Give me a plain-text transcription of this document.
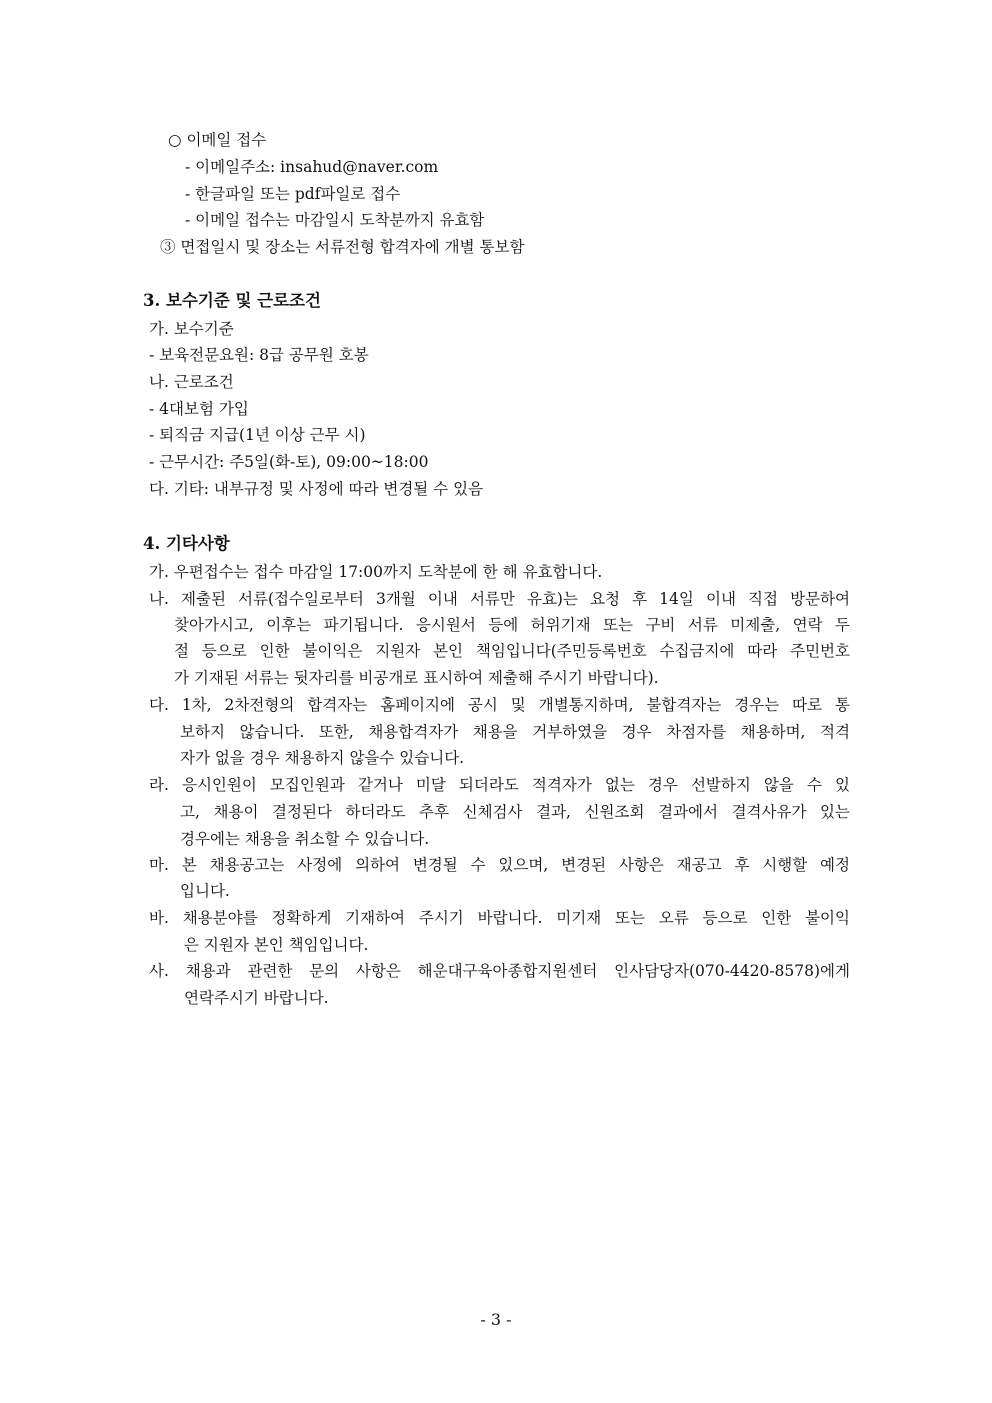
○ 이메일 접수
- 이메일주소: insahud@naver.com
- 한글파일 또는 pdf파일로 접수
- 이메일 접수는 마감일시 도착분까지 유효함
③ 면접일시 및 장소는 서류전형 합격자에 개별 통보함
3. 보수기준 및 근로조건
가. 보수기준
- 보육전문요원: 8급 공무원 호봉
나. 근로조건
- 4대보험 가입
- 퇴직금 지급(1년 이상 근무 시)
- 근무시간: 주5일(화-토), 09:00~18:00
다. 기타: 내부규정 및 사정에 따라 변경될 수 있음
4. 기타사항
가. 우편접수는 접수 마감일 17:00까지 도착분에 한 해 유효합니다.
나. 제출된 서류(접수일로부터 3개월 이내 서류만 유효)는 요청 후 14일 이내 직접 방문하여
찾아가시고, 이후는 파기됩니다. 응시원서 등에 허위기재 또는 구비 서류 미제출, 연락 두
절 등으로 인한 불이익은 지원자 본인 책임입니다(주민등록번호 수집금지에 따라 주민번호
가 기재된 서류는 뒷자리를 비공개로 표시하여 제출해 주시기 바랍니다).
다. 1차, 2차전형의 합격자는 홈페이지에 공시 및 개별통지하며, 불합격자는 경우는 따로 통
보하지 않습니다. 또한, 채용합격자가 채용을 거부하였을 경우 차점자를 채용하며, 적격
자가 없을 경우 채용하지 않을수 있습니다.
라. 응시인원이 모집인원과 같거나 미달 되더라도 적격자가 없는 경우 선발하지 않을 수 있
고, 채용이 결정된다 하더라도 추후 신체검사 결과, 신원조회 결과에서 결격사유가 있는
경우에는 채용을 취소할 수 있습니다.
마. 본 채용공고는 사정에 의하여 변경될 수 있으며, 변경된 사항은 재공고 후 시행할 예정
입니다.
바. 채용분야를 정확하게 기재하여 주시기 바랍니다. 미기재 또는 오류 등으로 인한 불이익
은 지원자 본인 책임입니다.
사. 채용과 관련한 문의 사항은 해운대구육아종합지원센터 인사담당자(070-4420-8578)에게
연락주시기 바랍니다.
- 3 -
